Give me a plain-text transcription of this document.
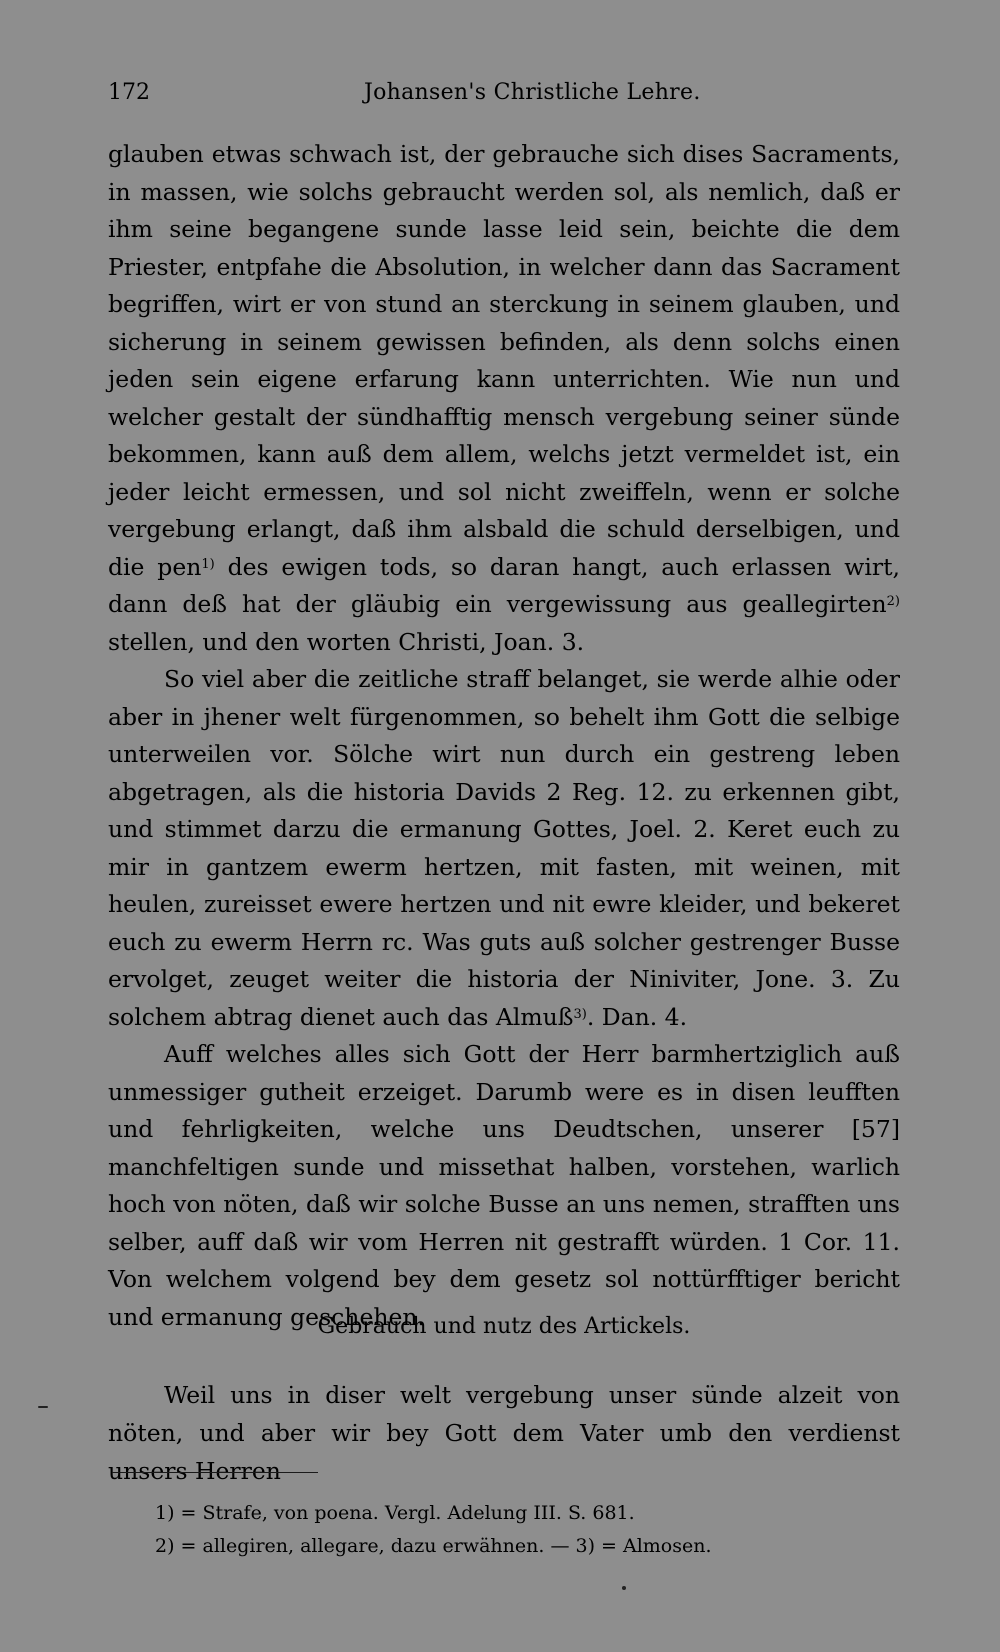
172	Johansen's Christliche Lehre.

glauben etwas schwach ist, der gebrauche sich dises Sacraments, in massen, wie solchs gebraucht werden sol, als nemlich, daß er ihm seine begangene sunde lasse leid sein, beichte die dem Priester, entpfahe die Absolution, in welcher dann das Sacrament begriffen, wirt er von stund an sterckung in seinem glauben, und sicherung in seinem gewissen befinden, als denn solchs einen jeden sein eigene erfarung kann unterrichten. Wie nun und welcher gestalt der sündhafftig mensch vergebung seiner sünde bekommen, kann auß dem allem, welchs jetzt vermeldet ist, ein jeder leicht ermessen, und sol nicht zweiffeln, wenn er solche vergebung erlangt, daß ihm alsbald die schuld derselbigen, und die pen$^{1)}$ des ewigen tods, so daran hangt, auch erlassen wirt, dann deß hat der gläubig ein vergewissung aus geallegirten$^{2)}$ stellen, und den worten Christi, Joan. 3.

So viel aber die zeitliche straff belanget, sie werde alhie oder aber in jhener welt fürgenommen, so behelt ihm Gott die selbige unterweilen vor. Sölche wirt nun durch ein gestreng leben abgetragen, als die historia Davids 2 Reg. 12. zu erkennen gibt, und stimmet darzu die ermanung Gottes, Joel. 2. Keret euch zu mir in gantzem ewerm hertzen, mit fasten, mit weinen, mit heulen, zureisset ewere hertzen und nit ewre kleider, und bekeret euch zu ewerm Herrn rc. Was guts auß solcher gestrenger Busse ervolget, zeuget weiter die historia der Niniviter, Jone. 3. Zu solchem abtrag dienet auch das Almuß$^{3)}$. Dan. 4.

Auff welches alles sich Gott der Herr barmhertziglich auß unmessiger gutheit erzeiget. Darumb were es in disen leufften und fehrligkeiten, welche uns Deudtschen, unserer [57] manchfeltigen sunde und missethat halben, vorstehen, warlich hoch von nöten, daß wir solche Busse an uns nemen, strafften uns selber, auff daß wir vom Herren nit gestrafft würden. 1 Cor. 11. Von welchem volgend bey dem gesetz sol nottürfftiger bericht und ermanung geschehen.

Gebrauch und nutz des Artickels.

Weil uns in diser welt vergebung unser sünde alzeit von nöten, und aber wir bey Gott dem Vater umb den verdienst unsers Herren

1) = Strafe, von poena. Vergl. Adelung III. S. 681.
2) = allegiren, allegare, dazu erwähnen. — 3) = Almosen.
